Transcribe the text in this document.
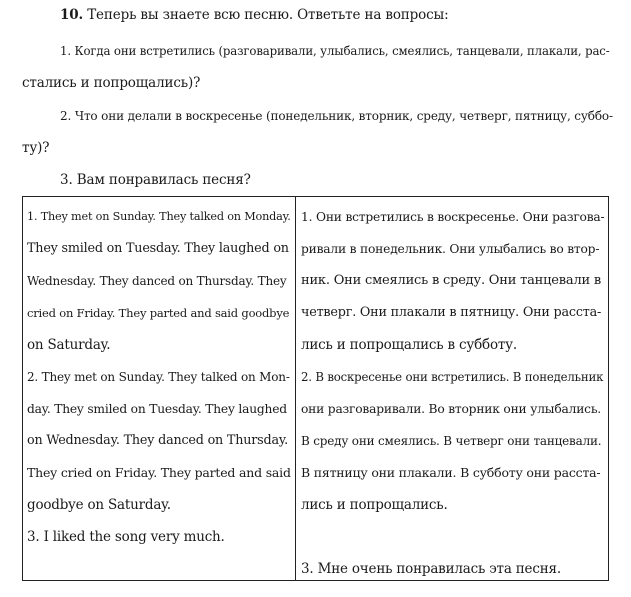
10. Теперь вы знаете всю песню. Ответьте на вопросы:
1. Когда они встретились (разговаривали, улыбались, смеялись, танцевали, плакали, рас-
стались и попрощались)?
2. Что они делали в воскресенье (понедельник, вторник, среду, четверг, пятницу, суббо-
ту)?
3. Вам понравилась песня?
1. They met on Sunday. They talked on Monday.
They smiled on Tuesday. They laughed on
Wednesday. They danced on Thursday. They
cried on Friday. They parted and said goodbye
on Saturday.
2. They met on Sunday. They talked on Mon-
day. They smiled on Tuesday. They laughed
on Wednesday. They danced on Thursday.
They cried on Friday. They parted and said
goodbye on Saturday.
3. I liked the song very much.
1. Они встретились в воскресенье. Они разгова-
ривали в понедельник. Они улыбались во втор-
ник. Они смеялись в среду. Они танцевали в
четверг. Они плакали в пятницу. Они расста-
лись и попрощались в субботу.
2. В воскресенье они встретились. В понедельник
они разговаривали. Во вторник они улыбались.
В среду они смеялись. В четверг они танцевали.
В пятницу они плакали. В субботу они расста-
лись и попрощались.
3. Мне очень понравилась эта песня.
